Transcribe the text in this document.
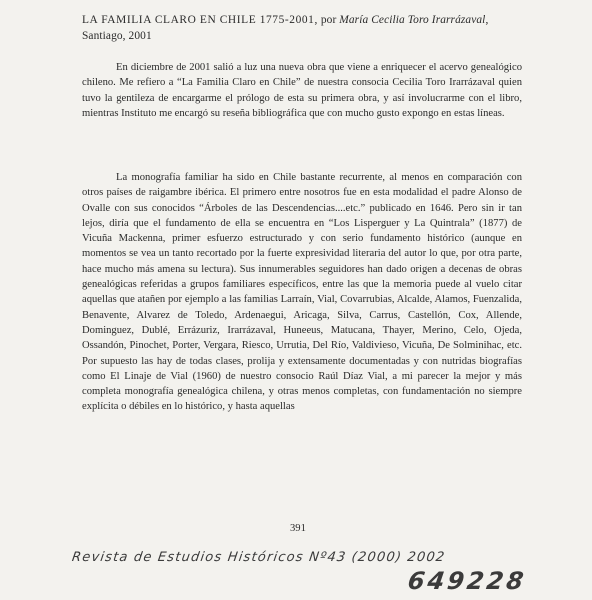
LA FAMILIA CLARO EN CHILE 1775-2001, por María Cecilia Toro Irarrázaval, Santiago, 2001

En diciembre de 2001 salió a luz una nueva obra que viene a enriquecer el acervo genealógico chileno. Me refiero a “La Familia Claro en Chile” de nuestra consocia Cecilia Toro Irarrázaval quien tuvo la gentileza de encargarme el prólogo de esta su primera obra, y así involucrarme con el libro, mientras Instituto me encargó su reseña bibliográfica que con mucho gusto expongo en estas líneas.

La monografía familiar ha sido en Chile bastante recurrente, al menos en comparación con otros países de raigambre ibérica. El primero entre nosotros fue en esta modalidad el padre Alonso de Ovalle con sus conocidos “Árboles de las Descendencias....etc.” publicado en 1646. Pero sin ir tan lejos, diría que el fundamento de ella se encuentra en “Los Lisperguer y La Quintrala” (1877) de Vicuña Mackenna, primer esfuerzo estructurado y con serio fundamento histórico (aunque en momentos se vea un tanto recortado por la fuerte expresividad literaria del autor lo que, por otra parte, hace mucho más amena su lectura). Sus innumerables seguidores han dado origen a decenas de obras genealógicas referidas a grupos familiares específicos, entre las que la memoria puede al vuelo citar aquellas que atañen por ejemplo a las familias Larraín, Vial, Covarrubias, Alcalde, Alamos, Fuenzalida, Benavente, Alvarez de Toledo, Ardenaegui, Aricaga, Silva, Carrus, Castellón, Cox, Allende, Dominguez, Dublé, Errázuriz, Irarrázaval, Huneeus, Matucana, Thayer, Merino, Celo, Ojeda, Ossandón, Pinochet, Porter, Vergara, Riesco, Urrutia, Del Río, Valdivieso, Vicuña, De Solminihac, etc. Por supuesto las hay de todas clases, prolija y extensamente documentadas y con nutridas biografías como El Linaje de Vial (1960) de nuestro consocio Raúl Díaz Vial, a mi parecer la mejor y más completa monografía genealógica chilena, y otras menos completas, con fundamentación no siempre explícita o débiles en lo histórico, y hasta aquellas

391
Revista de Estudios Históricos Nº43 (2000) 2002
649228
